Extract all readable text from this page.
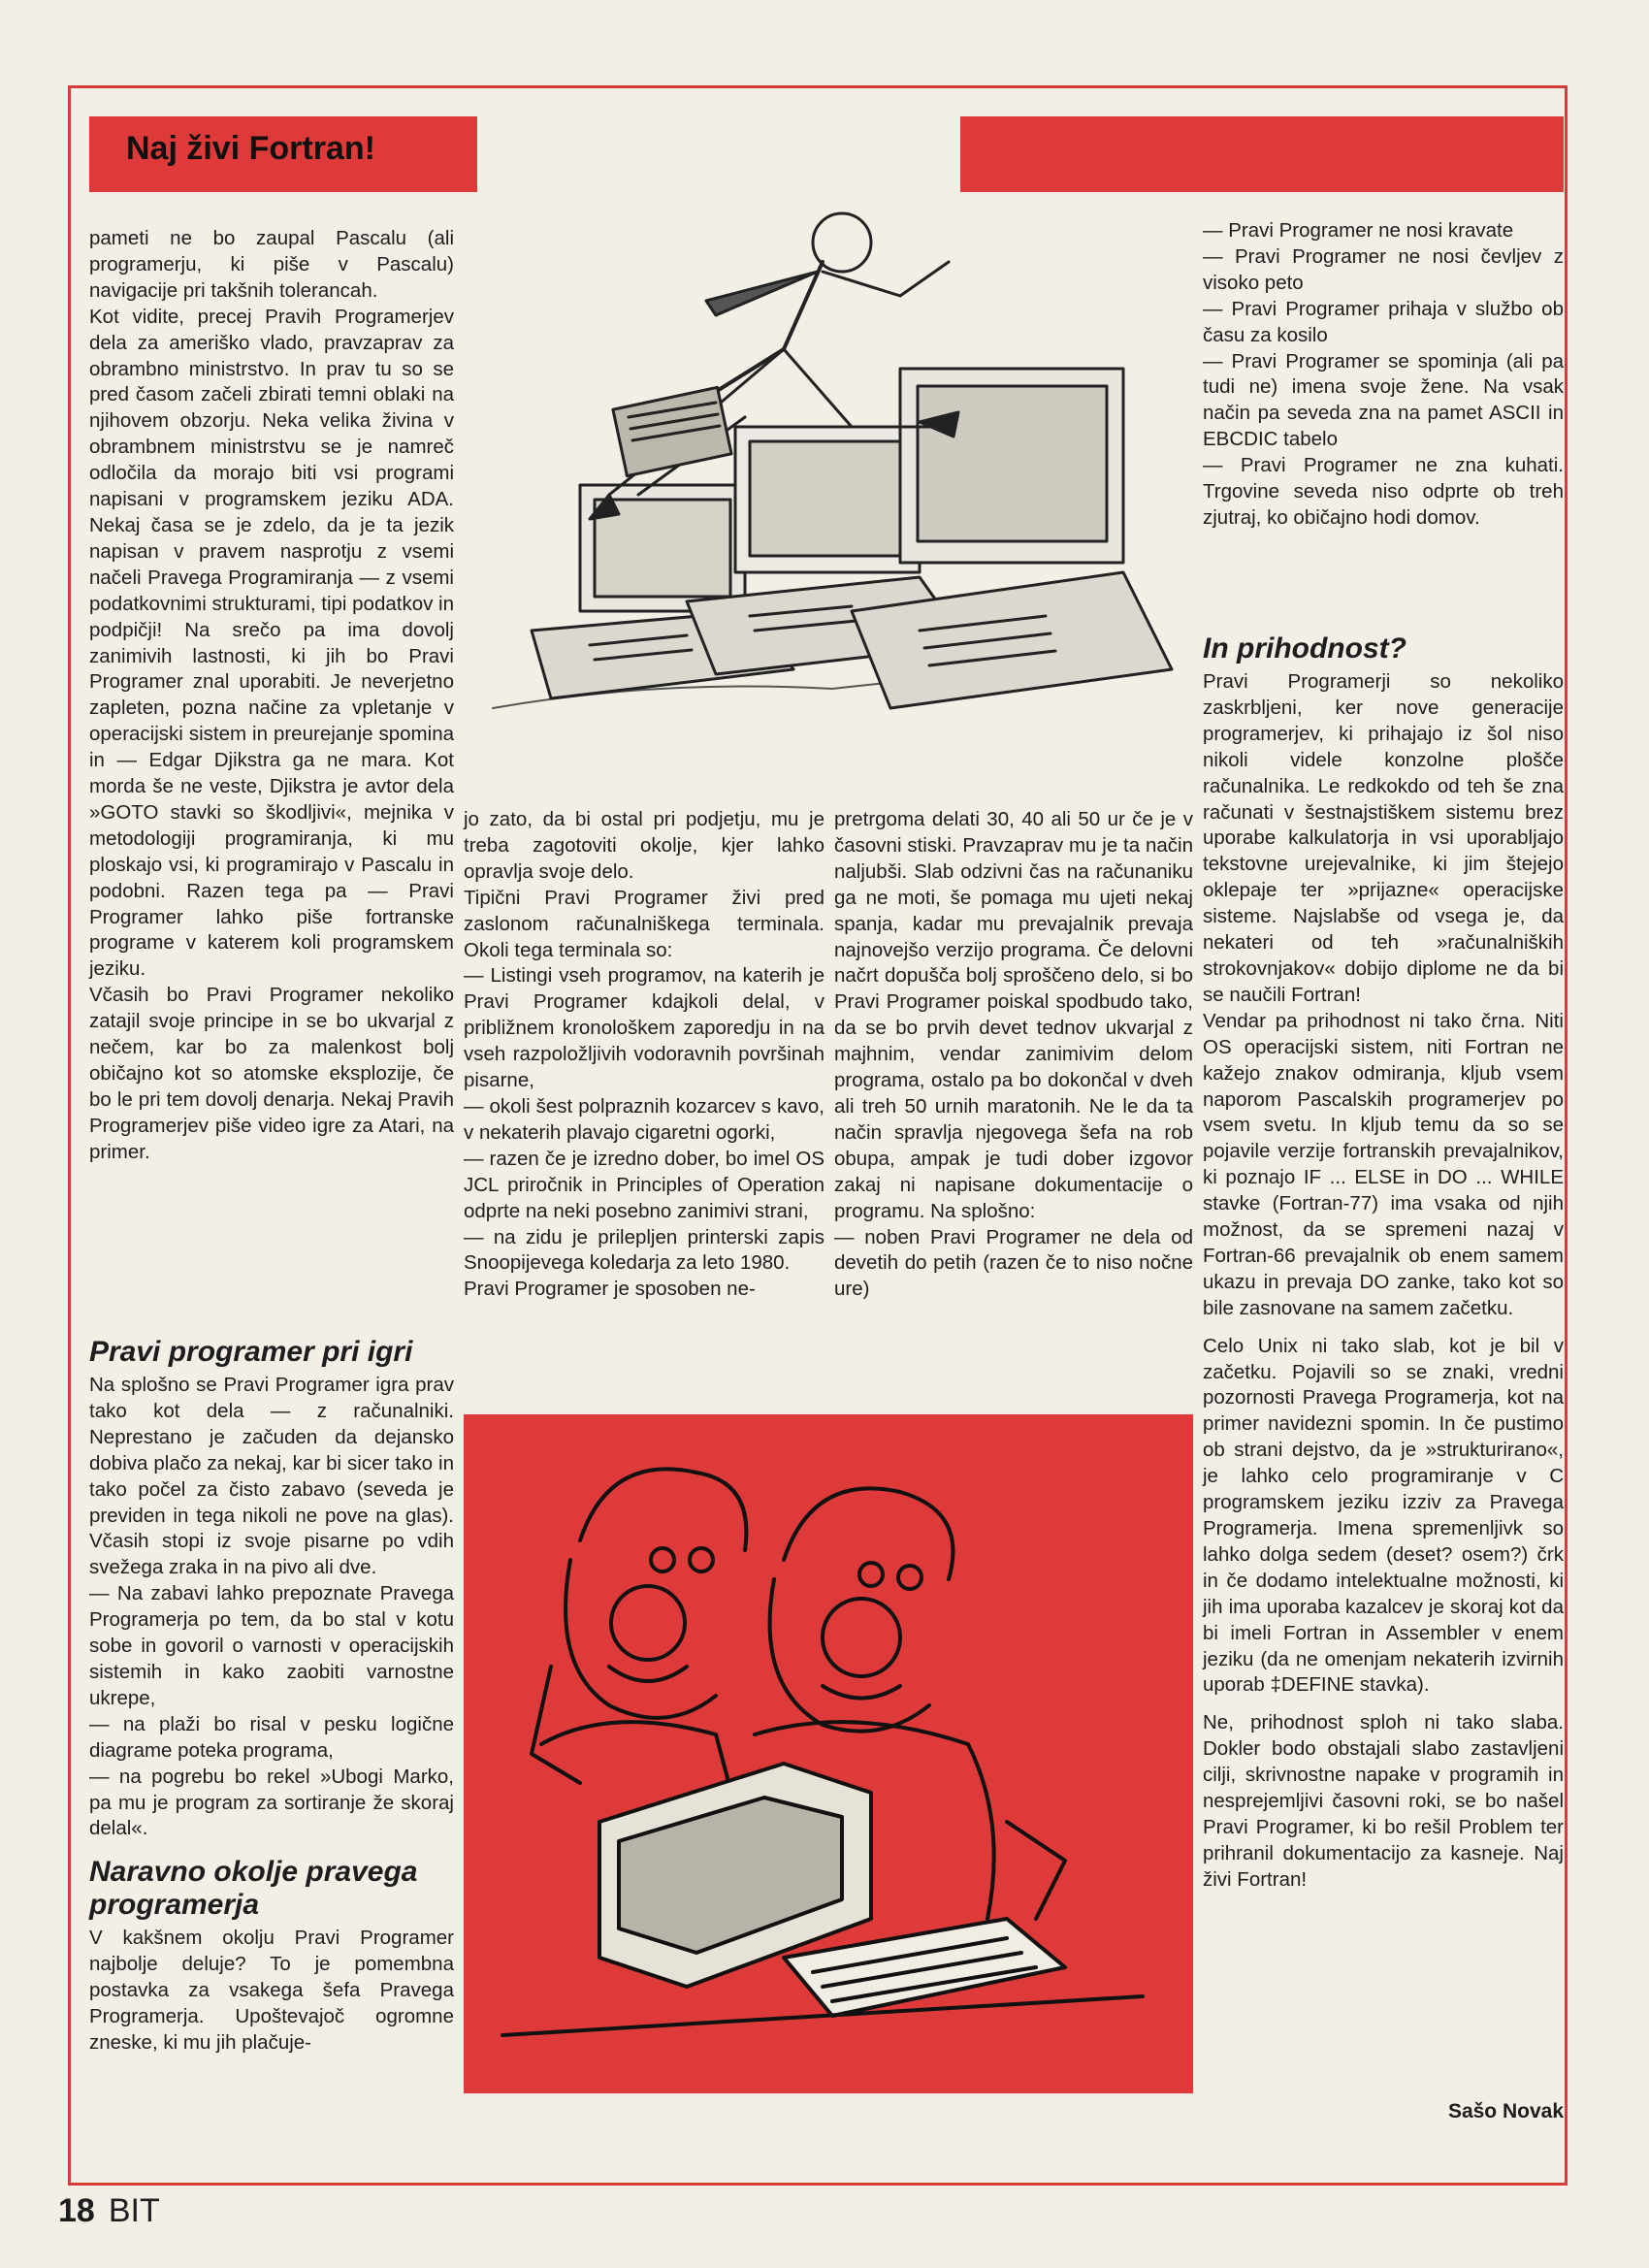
Naj živi Fortran!

pameti ne bo zaupal Pascalu (ali programerju, ki piše v Pascalu) navigacije pri takšnih tolerancah.

Kot vidite, precej Pravih Programerjev dela za ameriško vlado, pravzaprav za obrambno ministrstvo. In prav tu so se pred časom začeli zbirati temni oblaki na njihovem obzorju. Neka velika živina v obrambnem ministrstvu se je namreč odločila da morajo biti vsi programi napisani v programskem jeziku ADA. Nekaj časa se je zdelo, da je ta jezik napisan v pravem nasprotju z vsemi načeli Pravega Programiranja — z vsemi podatkovnimi strukturami, tipi podatkov in podpičji! Na srečo pa ima dovolj zanimivih lastnosti, ki jih bo Pravi Programer znal uporabiti. Je neverjetno zapleten, pozna načine za vpletanje v operacijski sistem in preurejanje spomina in — Edgar Djikstra ga ne mara. Kot morda še ne veste, Djikstra je avtor dela »GOTO stavki so škodljivi«, mejnika v metodologiji programiranja, ki mu ploskajo vsi, ki programirajo v Pascalu in podobni. Razen tega pa — Pravi Programer lahko piše fortranske programe v katerem koli programskem jeziku.

Včasih bo Pravi Programer nekoliko zatajil svoje principe in se bo ukvarjal z nečem, kar bo za malenkost bolj običajno kot so atomske eksplozije, če bo le pri tem dovolj denarja. Nekaj Pravih Programerjev piše video igre za Atari, na primer.

Pravi programer pri igri

Na splošno se Pravi Programer igra prav tako kot dela — z računalniki. Neprestano je začuden da dejansko dobiva plačo za nekaj, kar bi sicer tako in tako počel za čisto zabavo (seveda je previden in tega nikoli ne pove na glas). Včasih stopi iz svoje pisarne po vdih svežega zraka in na pivo ali dve.

— Na zabavi lahko prepoznate Pravega Programerja po tem, da bo stal v kotu sobe in govoril o varnosti v operacijskih sistemih in kako zaobiti varnostne ukrepe,

— na plaži bo risal v pesku logične diagrame poteka programa,

— na pogrebu bo rekel »Ubogi Marko, pa mu je program za sortiranje že skoraj delal«.

Naravno okolje pravega programerja

V kakšnem okolju Pravi Programer najbolje deluje? To je pomembna postavka za vsakega šefa Pravega Programerja. Upoštevajoč ogromne zneske, ki mu jih plačuje-

jo zato, da bi ostal pri podjetju, mu je treba zagotoviti okolje, kjer lahko opravlja svoje delo.

Tipični Pravi Programer živi pred zaslonom računalniškega terminala. Okoli tega terminala so:

— Listingi vseh programov, na katerih je Pravi Programer kdajkoli delal, v približnem kronološkem zaporedju in na vseh razpoložljivih vodoravnih površinah pisarne,

— okoli šest polpraznih kozarcev s kavo, v nekaterih plavajo cigaretni ogorki,

— razen če je izredno dober, bo imel OS JCL priročnik in Principles of Operation odprte na neki posebno zanimivi strani,

— na zidu je prilepljen printerski zapis Snoopijevega koledarja za leto 1980.

Pravi Programer je sposoben ne-

pretrgoma delati 30, 40 ali 50 ur če je v časovni stiski. Pravzaprav mu je ta način naljubši. Slab odzivni čas na računaniku ga ne moti, še pomaga mu ujeti nekaj spanja, kadar mu prevajalnik prevaja najnovejšo verzijo programa. Če delovni načrt dopušča bolj sproščeno delo, si bo Pravi Programer poiskal spodbudo tako, da se bo prvih devet tednov ukvarjal z majhnim, vendar zanimivim delom programa, ostalo pa bo dokončal v dveh ali treh 50 urnih maratonih. Ne le da ta način spravlja njegovega šefa na rob obupa, ampak je tudi dober izgovor zakaj ni napisane dokumentacije o programu. Na splošno:

— noben Pravi Programer ne dela od devetih do petih (razen če to niso nočne ure)

— Pravi Programer ne nosi kravate

— Pravi Programer ne nosi čevljev z visoko peto

— Pravi Programer prihaja v službo ob času za kosilo

— Pravi Programer se spominja (ali pa tudi ne) imena svoje žene. Na vsak način pa seveda zna na pamet ASCII in EBCDIC tabelo

— Pravi Programer ne zna kuhati. Trgovine seveda niso odprte ob treh zjutraj, ko običajno hodi domov.

In prihodnost?

Pravi Programerji so nekoliko zaskrbljeni, ker nove generacije programerjev, ki prihajajo iz šol niso nikoli videle konzolne plošče računalnika. Le redkokdo od teh še zna računati v šestnajstiškem sistemu brez uporabe kalkulatorja in vsi uporabljajo tekstovne urejevalnike, ki jim štejejo oklepaje ter »prijazne« operacijske sisteme. Najslabše od vsega je, da nekateri od teh »računalniških strokovnjakov« dobijo diplome ne da bi se naučili Fortran!

Vendar pa prihodnost ni tako črna. Niti OS operacijski sistem, niti Fortran ne kažejo znakov odmiranja, kljub vsem naporom Pascalskih programerjev po vsem svetu. In kljub temu da so se pojavile verzije fortranskih prevajalnikov, ki poznajo IF ... ELSE in DO ... WHILE stavke (Fortran-77) ima vsaka od njih možnost, da se spremeni nazaj v Fortran-66 prevajalnik ob enem samem ukazu in prevaja DO zanke, tako kot so bile zasnovane na samem začetku.

Celo Unix ni tako slab, kot je bil v začetku. Pojavili so se znaki, vredni pozornosti Pravega Programerja, kot na primer navidezni spomin. In če pustimo ob strani dejstvo, da je »strukturirano«, je lahko celo programiranje v C programskem jeziku izziv za Pravega Programerja. Imena spremenljivk so lahko dolga sedem (deset? osem?) črk in če dodamo intelektualne možnosti, ki jih ima uporaba kazalcev je skoraj kot da bi imeli Fortran in Assembler v enem jeziku (da ne omenjam nekaterih izvirnih uporab ‡DEFINE stavka).

Ne, prihodnost sploh ni tako slaba. Dokler bodo obstajali slabo zastavljeni cilji, skrivnostne napake v programih in nesprejemljivi časovni roki, se bo našel Pravi Programer, ki bo rešil Problem ter prihranil dokumentacijo za kasneje. Naj živi Fortran!

Sašo Novak
18 BIT
